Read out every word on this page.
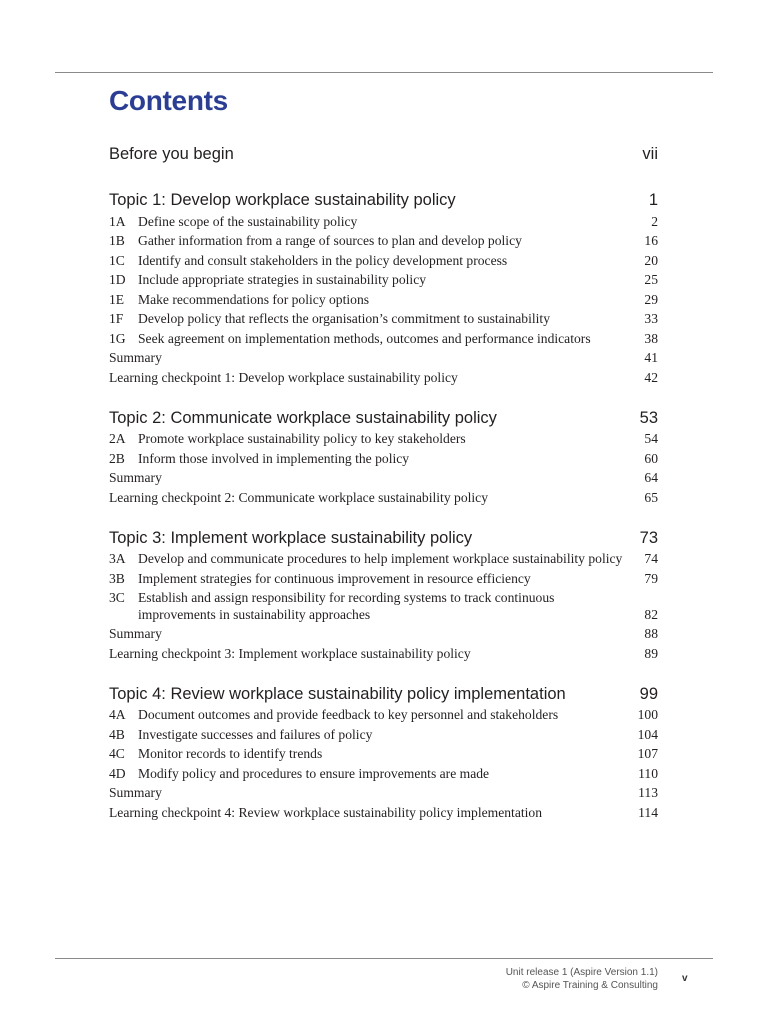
Contents
Before you begin	vii
Topic 1: Develop workplace sustainability policy	1
1A Define scope of the sustainability policy	2
1B Gather information from a range of sources to plan and develop policy	16
1C Identify and consult stakeholders in the policy development process	20
1D Include appropriate strategies in sustainability policy	25
1E	Make recommendations for policy options	29
1F	Develop policy that reflects the organisation’s commitment to sustainability	33
1G Seek agreement on implementation methods, outcomes and performance indicators	38
Summary	41
Learning checkpoint 1: Develop workplace sustainability policy	42
Topic 2: Communicate workplace sustainability policy	53
2A Promote workplace sustainability policy to key stakeholders	54
2B Inform those involved in implementing the policy	60
Summary	64
Learning checkpoint 2: Communicate workplace sustainability policy	65
Topic 3: Implement workplace sustainability policy	73
3A Develop and communicate procedures to help implement workplace sustainability policy	74
3B Implement strategies for continuous improvement in resource efficiency	79
3C Establish and assign responsibility for recording systems to track continuous improvements in sustainability approaches	82
Summary	88
Learning checkpoint 3: Implement workplace sustainability policy	89
Topic 4: Review workplace sustainability policy implementation	99
4A Document outcomes and provide feedback to key personnel and stakeholders	100
4B Investigate successes and failures of policy	104
4C Monitor records to identify trends	107
4D Modify policy and procedures to ensure improvements are made	110
Summary	113
Learning checkpoint 4: Review workplace sustainability policy implementation	114
Unit release 1 (Aspire Version 1.1)
© Aspire Training & Consulting
v
